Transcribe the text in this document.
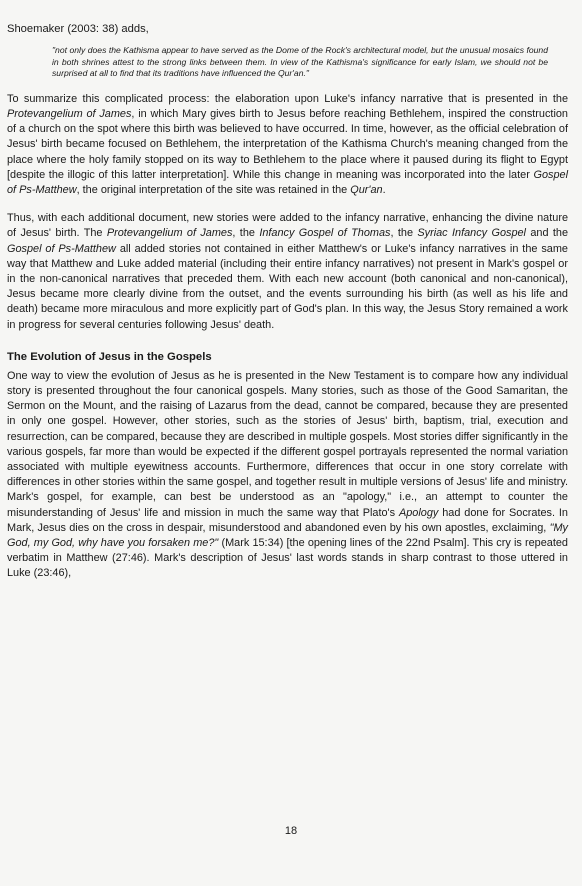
Shoemaker (2003: 38) adds,

"not only does the Kathisma appear to have served as the Dome of the Rock's architectural model, but the unusual mosaics found in both shrines attest to the strong links between them. In view of the Kathisma's significance for early Islam, we should not be surprised at all to find that its traditions have influenced the Qur'an."

To summarize this complicated process: the elaboration upon Luke's infancy narrative that is presented in the Protevangelium of James, in which Mary gives birth to Jesus before reaching Bethlehem, inspired the construction of a church on the spot where this birth was believed to have occurred. In time, however, as the official celebration of Jesus' birth became focused on Bethlehem, the interpretation of the Kathisma Church's meaning changed from the place where the holy family stopped on its way to Bethlehem to the place where it paused during its flight to Egypt [despite the illogic of this latter interpretation]. While this change in meaning was incorporated into the later Gospel of Ps-Matthew, the original interpretation of the site was retained in the Qur'an.

Thus, with each additional document, new stories were added to the infancy narrative, enhancing the divine nature of Jesus' birth. The Protevangelium of James, the Infancy Gospel of Thomas, the Syriac Infancy Gospel and the Gospel of Ps-Matthew all added stories not contained in either Matthew's or Luke's infancy narratives in the same way that Matthew and Luke added material (including their entire infancy narratives) not present in Mark's gospel or in the non-canonical narratives that preceded them. With each new account (both canonical and non-canonical), Jesus became more clearly divine from the outset, and the events surrounding his birth (as well as his life and death) became more miraculous and more explicitly part of God's plan. In this way, the Jesus Story remained a work in progress for several centuries following Jesus' death.

The Evolution of Jesus in the Gospels

One way to view the evolution of Jesus as he is presented in the New Testament is to compare how any individual story is presented throughout the four canonical gospels. Many stories, such as those of the Good Samaritan, the Sermon on the Mount, and the raising of Lazarus from the dead, cannot be compared, because they are presented in only one gospel. However, other stories, such as the stories of Jesus' birth, baptism, trial, execution and resurrection, can be compared, because they are described in multiple gospels. Most stories differ significantly in the various gospels, far more than would be expected if the different gospel portrayals represented the normal variation associated with multiple eyewitness accounts. Furthermore, differences that occur in one story correlate with differences in other stories within the same gospel, and together result in multiple versions of Jesus' life and ministry. Mark's gospel, for example, can best be understood as an "apology," i.e., an attempt to counter the misunderstanding of Jesus' life and mission in much the same way that Plato's Apology had done for Socrates. In Mark, Jesus dies on the cross in despair, misunderstood and abandoned even by his own apostles, exclaiming, "My God, my God, why have you forsaken me?" (Mark 15:34) [the opening lines of the 22nd Psalm]. This cry is repeated verbatim in Matthew (27:46). Mark's description of Jesus' last words stands in sharp contrast to those uttered in Luke (23:46),

18
